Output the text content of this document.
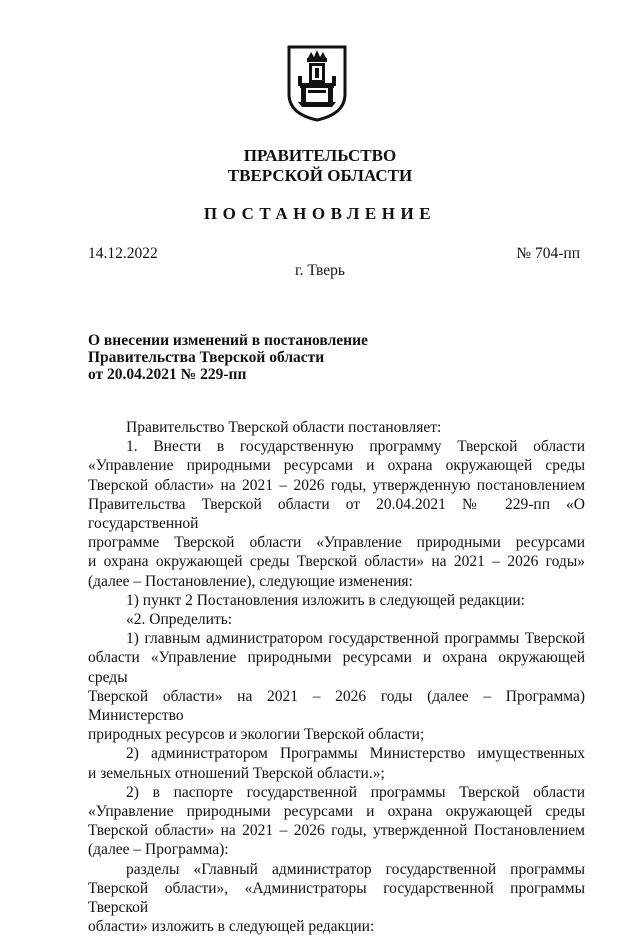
ПРАВИТЕЛЬСТВО
ТВЕРСКОЙ ОБЛАСТИ
ПОСТАНОВЛЕНИЕ
14.12.2022	№ 704-пп
г. Тверь
О внесении изменений в постановление
Правительства Тверской области
от 20.04.2021 № 229-пп
Правительство Тверской области постановляет:
1. Внести в государственную программу Тверской области
«Управление природными ресурсами и охрана окружающей среды
Тверской области» на 2021 – 2026 годы, утвержденную постановлением
Правительства Тверской области от 20.04.2021 № 229-пп «О государственной
программе Тверской области «Управление природными ресурсами
и охрана окружающей среды Тверской области» на 2021 – 2026 годы»
(далее – Постановление), следующие изменения:
1) пункт 2 Постановления изложить в следующей редакции:
«2. Определить:
1) главным администратором государственной программы Тверской
области «Управление природными ресурсами и охрана окружающей среды
Тверской области» на 2021 – 2026 годы (далее – Программа) Министерство
природных ресурсов и экологии Тверской области;
2) администратором Программы Министерство имущественных
и земельных отношений Тверской области.»;
2) в паспорте государственной программы Тверской области
«Управление природными ресурсами и охрана окружающей среды
Тверской области» на 2021 – 2026 годы, утвержденной Постановлением
(далее – Программа):
разделы «Главный администратор государственной программы
Тверской области», «Администраторы государственной программы Тверской
области» изложить в следующей редакции:
